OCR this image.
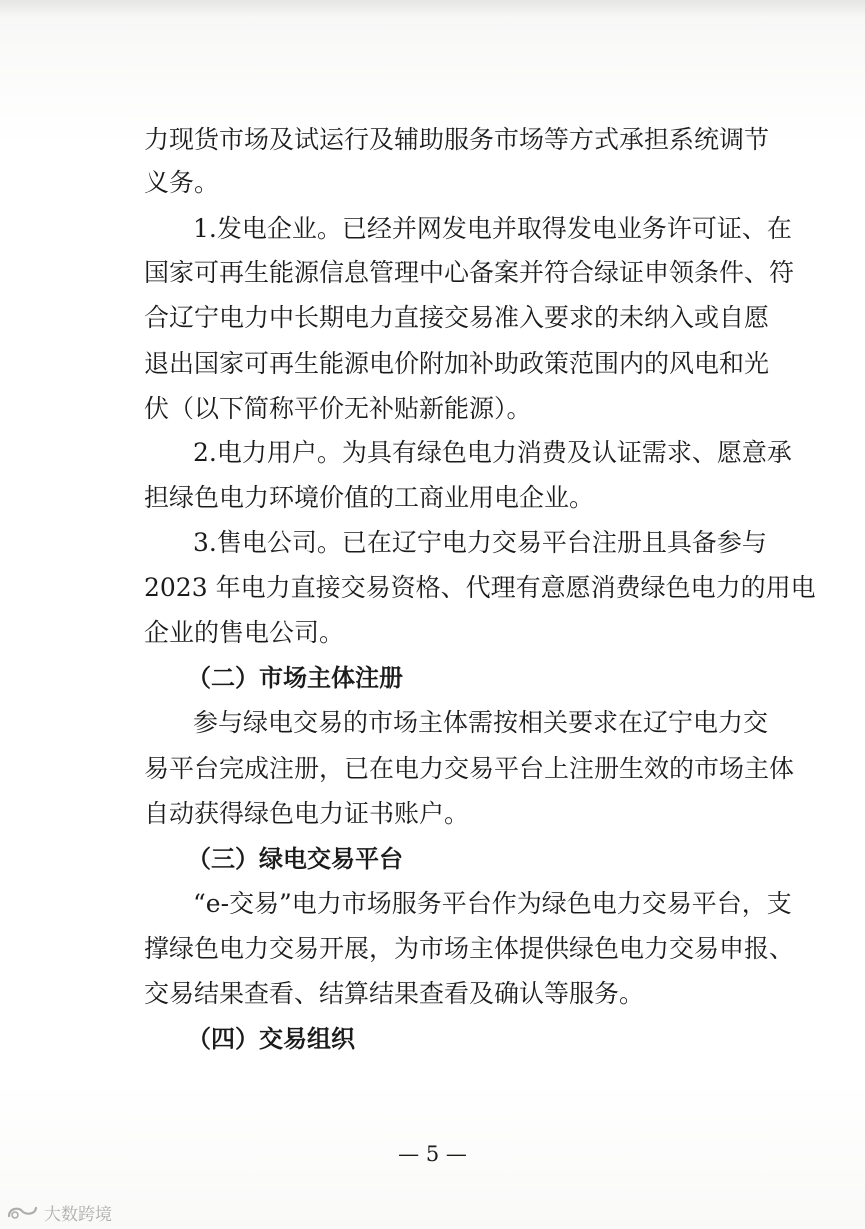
力现货市场及试运行及辅助服务市场等方式承担系统调节
义务。
1.发电企业。已经并网发电并取得发电业务许可证、在
国家可再生能源信息管理中心备案并符合绿证申领条件、符
合辽宁电力中长期电力直接交易准入要求的未纳入或自愿
退出国家可再生能源电价附加补助政策范围内的风电和光
伏（以下简称平价无补贴新能源）。
2.电力用户。为具有绿色电力消费及认证需求、愿意承
担绿色电力环境价值的工商业用电企业。
3.售电公司。已在辽宁电力交易平台注册且具备参与
2023 年电力直接交易资格、代理有意愿消费绿色电力的用电
企业的售电公司。
（二）市场主体注册
参与绿电交易的市场主体需按相关要求在辽宁电力交
易平台完成注册，已在电力交易平台上注册生效的市场主体
自动获得绿色电力证书账户。
（三）绿电交易平台
“e-交易”电力市场服务平台作为绿色电力交易平台，支
撑绿色电力交易开展，为市场主体提供绿色电力交易申报、
交易结果查看、结算结果查看及确认等服务。
（四）交易组织
— 5 —
大数跨境
